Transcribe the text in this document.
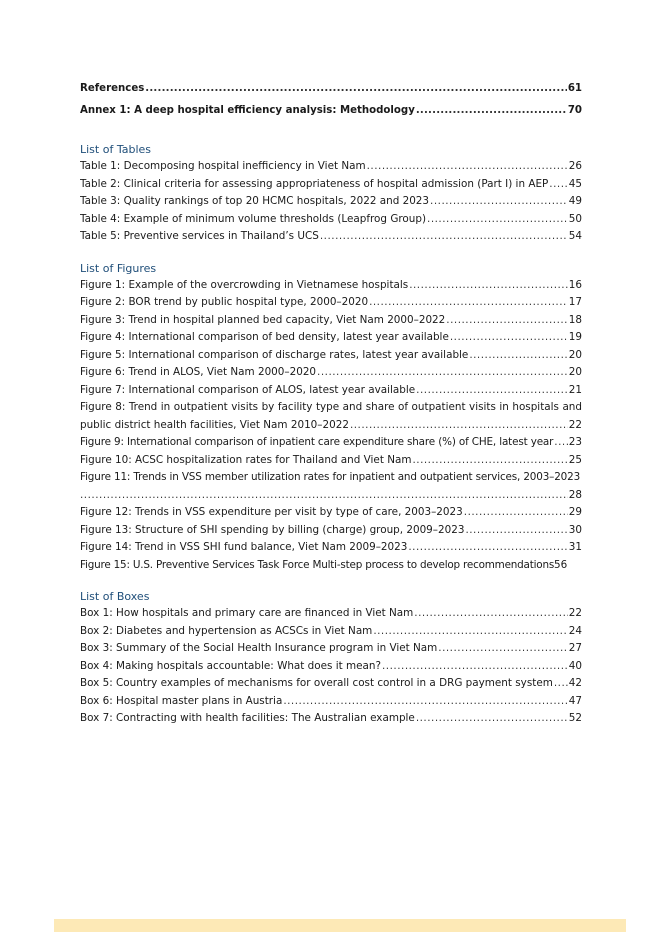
References .....	61
Annex 1: A deep hospital efficiency analysis: Methodology .....	70
List of Tables
Table 1: Decomposing hospital inefficiency in Viet Nam .....	26
Table 2: Clinical criteria for assessing appropriateness of hospital admission (Part I) in AEP ..... 45
Table 3: Quality rankings of top 20 HCMC hospitals, 2022 and 2023 .....	49
Table 4: Example of minimum volume thresholds (Leapfrog Group) .....	50
Table 5: Preventive services in Thailand’s UCS .....	54
List of Figures
Figure 1: Example of the overcrowding in Vietnamese hospitals .....	16
Figure 2: BOR trend by public hospital type, 2000–2020 .....	17
Figure 3: Trend in hospital planned bed capacity, Viet Nam 2000–2022 .....	18
Figure 4: International comparison of bed density, latest year available .....	19
Figure 5: International comparison of discharge rates, latest year available .....	20
Figure 6: Trend in ALOS, Viet Nam 2000–2020 .....	20
Figure 7: International comparison of ALOS, latest year available .....	21
Figure 8: Trend in outpatient visits by facility type and share of outpatient visits in hospitals and
public district health facilities, Viet Nam 2010–2022 .....	22
Figure 9: International comparison of inpatient care expenditure share (%) of CHE, latest year ..... 23
Figure 10: ACSC hospitalization rates for Thailand and Viet Nam .....	25
Figure 11: Trends in VSS member utilization rates for inpatient and outpatient services, 2003–2023
.....
28
Figure 12: Trends in VSS expenditure per visit by type of care, 2003–2023 .....	29
Figure 13: Structure of SHI spending by billing (charge) group, 2009–2023 .....	30
Figure 14: Trend in VSS SHI fund balance, Viet Nam 2009–2023 .....	31
Figure 15: U.S. Preventive Services Task Force Multi-step process to develop recommendations 56
List of Boxes
Box 1: How hospitals and primary care are financed in Viet Nam .....	22
Box 2: Diabetes and hypertension as ACSCs in Viet Nam .....	24
Box 3: Summary of the Social Health Insurance program in Viet Nam .....	27
Box 4: Making hospitals accountable: What does it mean? .....	40
Box 5: Country examples of mechanisms for overall cost control in a DRG payment system ..... 42
Box 6: Hospital master plans in Austria .....	47
Box 7: Contracting with health facilities: The Australian example .....	52
